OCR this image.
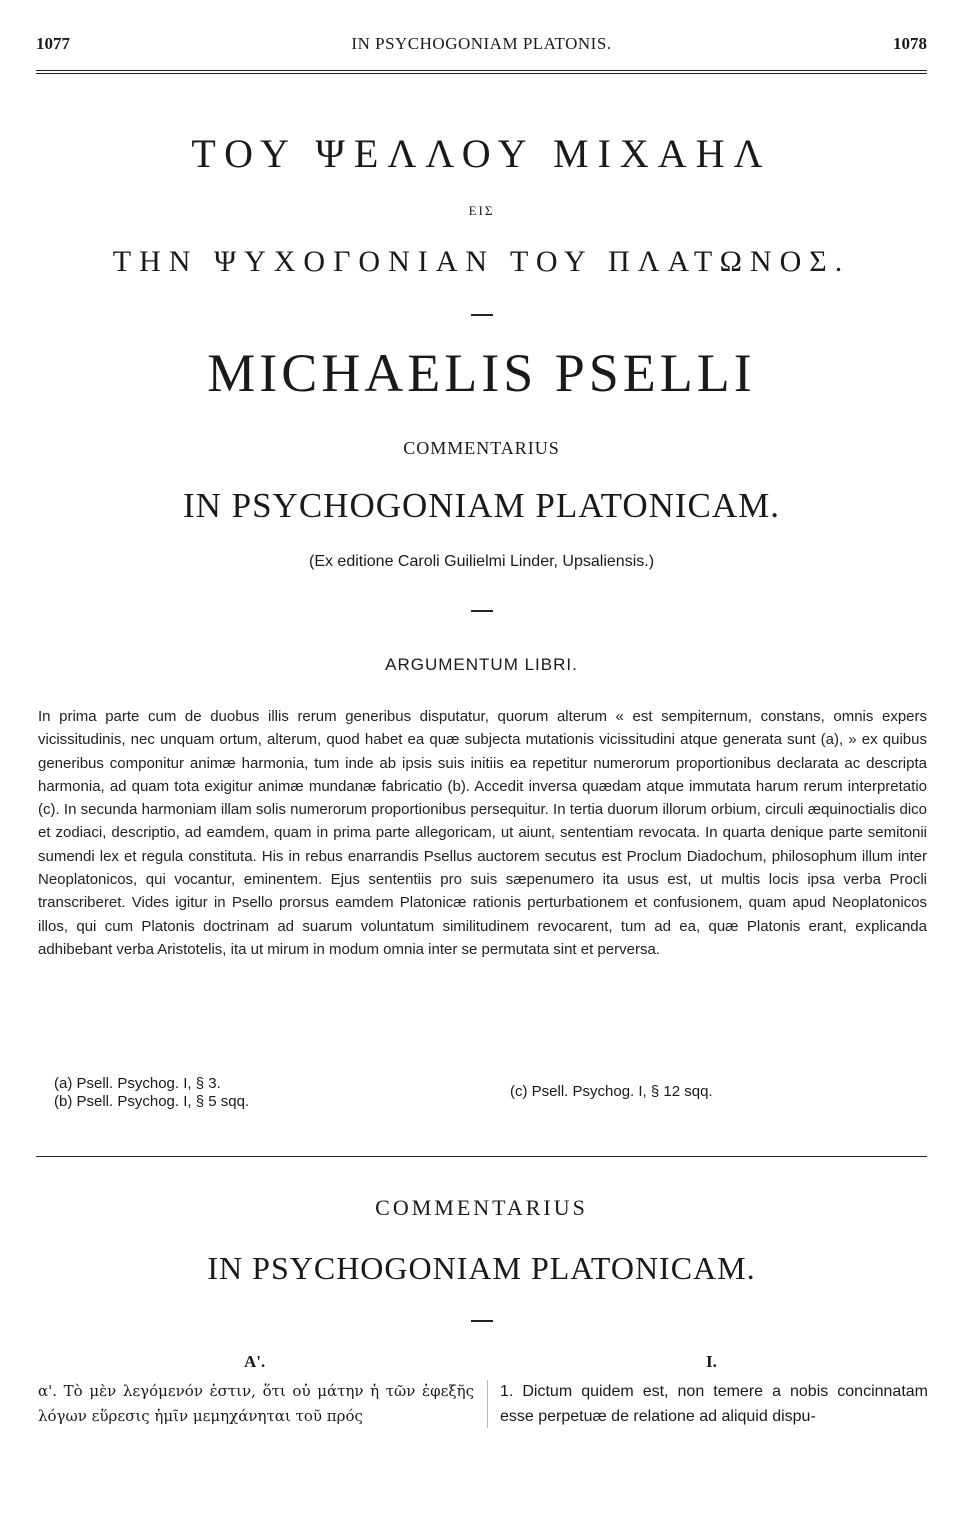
1077	IN PSYCHOGONIAM PLATONIS.	1078
ΤΟΥ ΨΕΛΛΟΥ ΜΙΧΑΗΛ
ΕΙΣ
ΤΗΝ ΨΥΧΟΓΟΝΙΑΝ ΤΟΥ ΠΛΑΤΩΝΟΣ.
MICHAELIS PSELLI
COMMENTARIUS
IN PSYCHOGONIAM PLATONICAM.
(Ex editione Caroli Guilielmi Linder, Upsaliensis.)
ARGUMENTUM LIBRI.
In prima parte cum de duobus illis rerum generibus disputatur, quorum alterum « est sempiternum, constans, omnis expers vicissitudinis, nec unquam ortum, alterum, quod habet ea quæ subjecta mutationis vicissitudini atque generata sunt (a), » ex quibus generibus componitur animæ harmonia, tum inde ab ipsis suis initiis ea repetitur numerorum proportionibus declarata ac descripta harmonia, ad quam tota exigitur animæ mundanæ fabricatio (b). Accedit inversa quædam atque immutata harum rerum interpretatio (c). In secunda harmoniam illam solis numerorum proportionibus persequitur. In tertia duorum illorum orbium, circuli æquinoctialis dico et zodiaci, descriptio, ad eamdem, quam in prima parte allegoricam, ut aiunt, sententiam revocata. In quarta denique parte semitonii sumendi lex et regula constituta. His in rebus enarrandis Psellus auctorem secutus est Proclum Diadochum, philosophum illum inter Neoplatonicos, qui vocantur, eminentem. Ejus sententiis pro suis sæpenumero ita usus est, ut multis locis ipsa verba Procli transcriberet. Vides igitur in Psello prorsus eamdem Platonicæ rationis perturbationem et confusionem, quam apud Neoplatonicos illos, qui cum Platonis doctrinam ad suarum voluntatum similitudinem revocarent, tum ad ea, quæ Platonis erant, explicanda adhibebant verba Aristotelis, ita ut mirum in modum omnia inter se permutata sint et perversa.
(a) Psell. Psychog. I, § 3.
(b) Psell. Psychog. I, § 5 sqq.
(c) Psell. Psychog. I, § 12 sqq.
COMMENTARIUS
IN PSYCHOGONIAM PLATONICAM.
Α'.	I.
α'. Τὸ μὲν λεγόμενόν ἐστιν, ὅτι οὐ μάτην ἡ τῶν ἐφεξῆς λόγων εὕρεσις ἡμῖν μεμηχάνηται τοῦ πρός
1. Dictum quidem est, non temere a nobis concinnatam esse perpetuæ de relatione ad aliquid dispu-
